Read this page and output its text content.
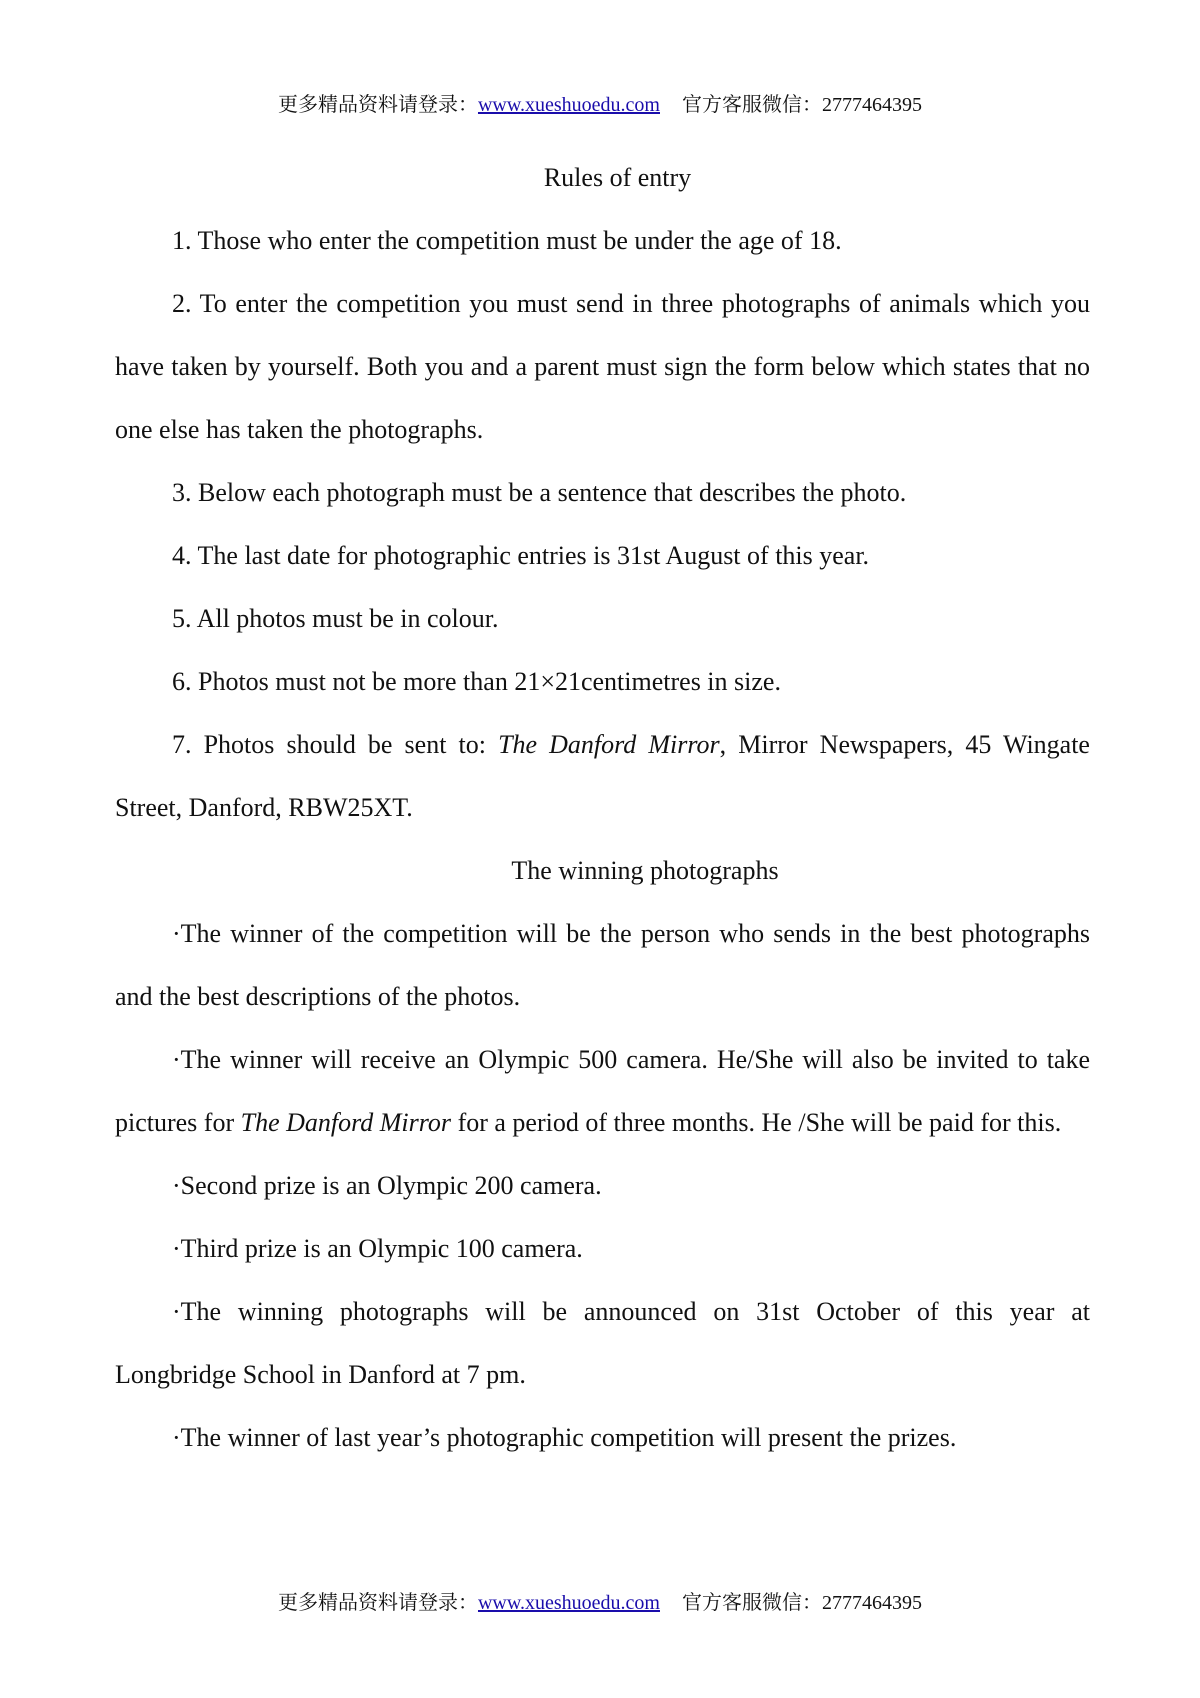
更多精品资料请登录：www.xueshuoedu.com 官方客服微信：2777464395

Rules of entry

1. Those who enter the competition must be under the age of 18.

2. To enter the competition you must send in three photographs of animals which you have taken by yourself. Both you and a parent must sign the form below which states that no one else has taken the photographs.

3. Below each photograph must be a sentence that describes the photo.

4. The last date for photographic entries is 31st August of this year.

5. All photos must be in colour.

6. Photos must not be more than 21×21centimetres in size.

7. Photos should be sent to: The Danford Mirror, Mirror Newspapers, 45 Wingate Street, Danford, RBW25XT.

The winning photographs

·The winner of the competition will be the person who sends in the best photographs and the best descriptions of the photos.

·The winner will receive an Olympic 500 camera. He/She will also be invited to take pictures for The Danford Mirror for a period of three months. He /She will be paid for this.

·Second prize is an Olympic 200 camera.

·Third prize is an Olympic 100 camera.

·The winning photographs will be announced on 31st October of this year at Longbridge School in Danford at 7 pm.

·The winner of last year’s photographic competition will present the prizes.

更多精品资料请登录：www.xueshuoedu.com 官方客服微信：2777464395
